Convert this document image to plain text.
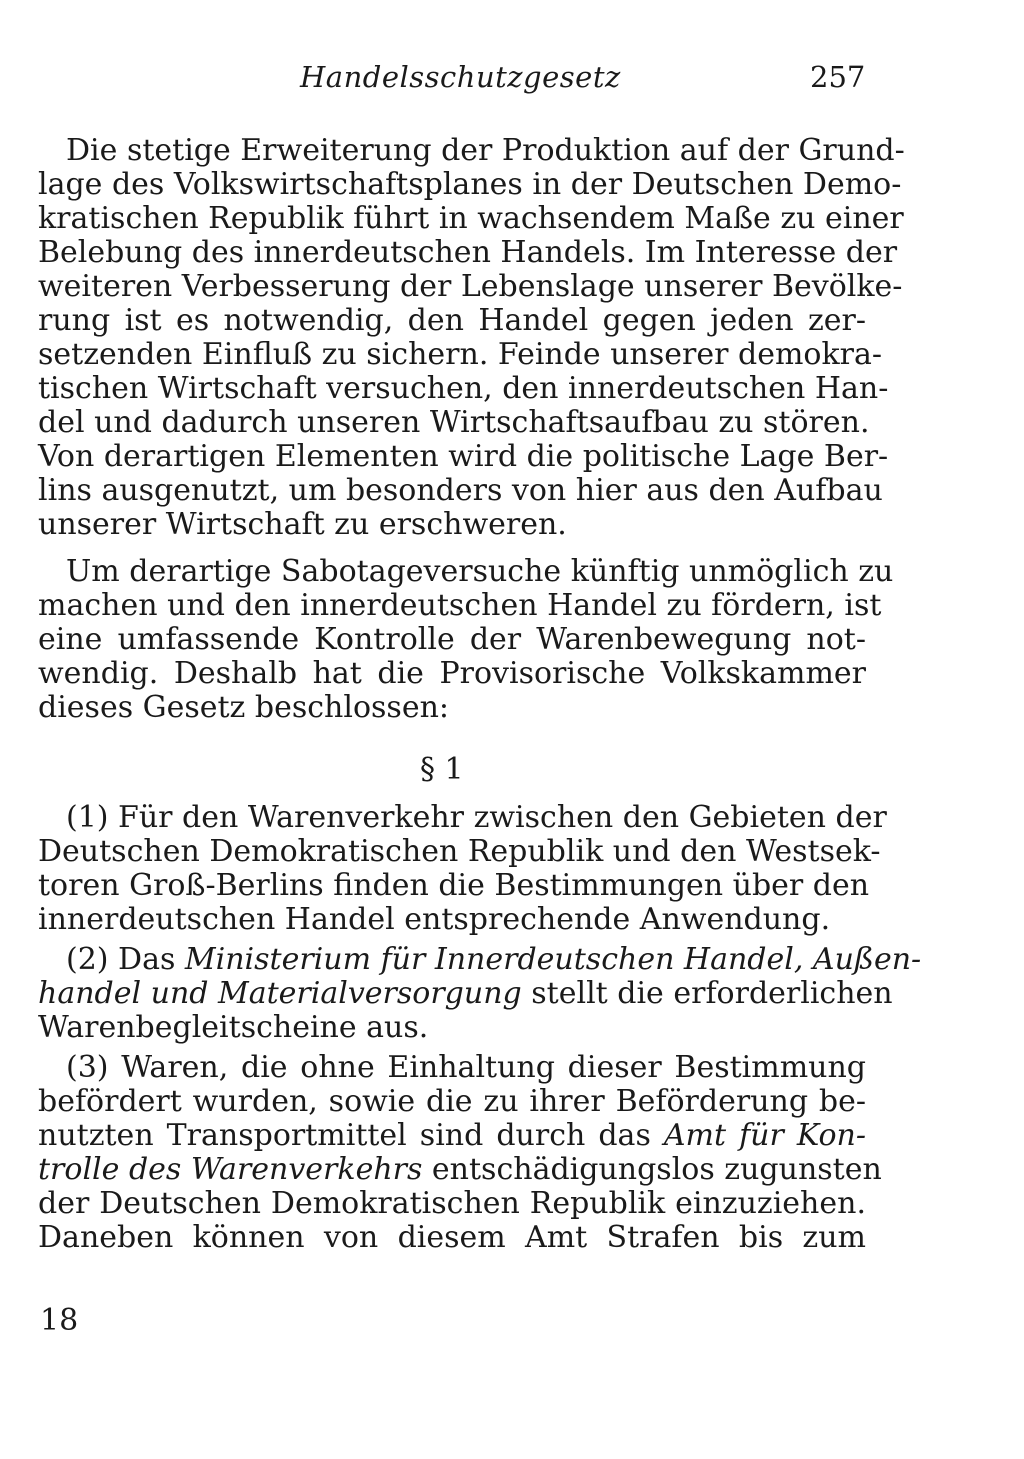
Handelsschutzgesetz	257
Die stetige Erweiterung der Produktion auf der Grund-
lage des Volkswirtschaftsplanes in der Deutschen Demo-
kratischen Republik führt in wachsendem Maße zu einer
Belebung des innerdeutschen Handels. Im Interesse der
weiteren Verbesserung der Lebenslage unserer Bevölke-
rung ist es notwendig, den Handel gegen jeden zer-
setzenden Einfluß zu sichern. Feinde unserer demokra-
tischen Wirtschaft versuchen, den innerdeutschen Han-
del und dadurch unseren Wirtschaftsaufbau zu stören.
Von derartigen Elementen wird die politische Lage Ber-
lins ausgenutzt, um besonders von hier aus den Aufbau
unserer Wirtschaft zu erschweren.
Um derartige Sabotageversuche künftig unmöglich zu
machen und den innerdeutschen Handel zu fördern, ist
eine umfassende Kontrolle der Warenbewegung not-
wendig. Deshalb hat die Provisorische Volkskammer
dieses Gesetz beschlossen:
§ 1
(1) Für den Warenverkehr zwischen den Gebieten der
Deutschen Demokratischen Republik und den Westsek-
toren Groß-Berlins finden die Bestimmungen über den
innerdeutschen Handel entsprechende Anwendung.
(2) Das Ministerium für Innerdeutschen Handel, Außen-
handel und Materialversorgung stellt die erforderlichen
Warenbegleitscheine aus.
(3) Waren, die ohne Einhaltung dieser Bestimmung
befördert wurden, sowie die zu ihrer Beförderung be-
nutzten Transportmittel sind durch das Amt für Kon-
trolle des Warenverkehrs entschädigungslos zugunsten
der Deutschen Demokratischen Republik einzuziehen.
Daneben können von diesem Amt Strafen bis zum
18
